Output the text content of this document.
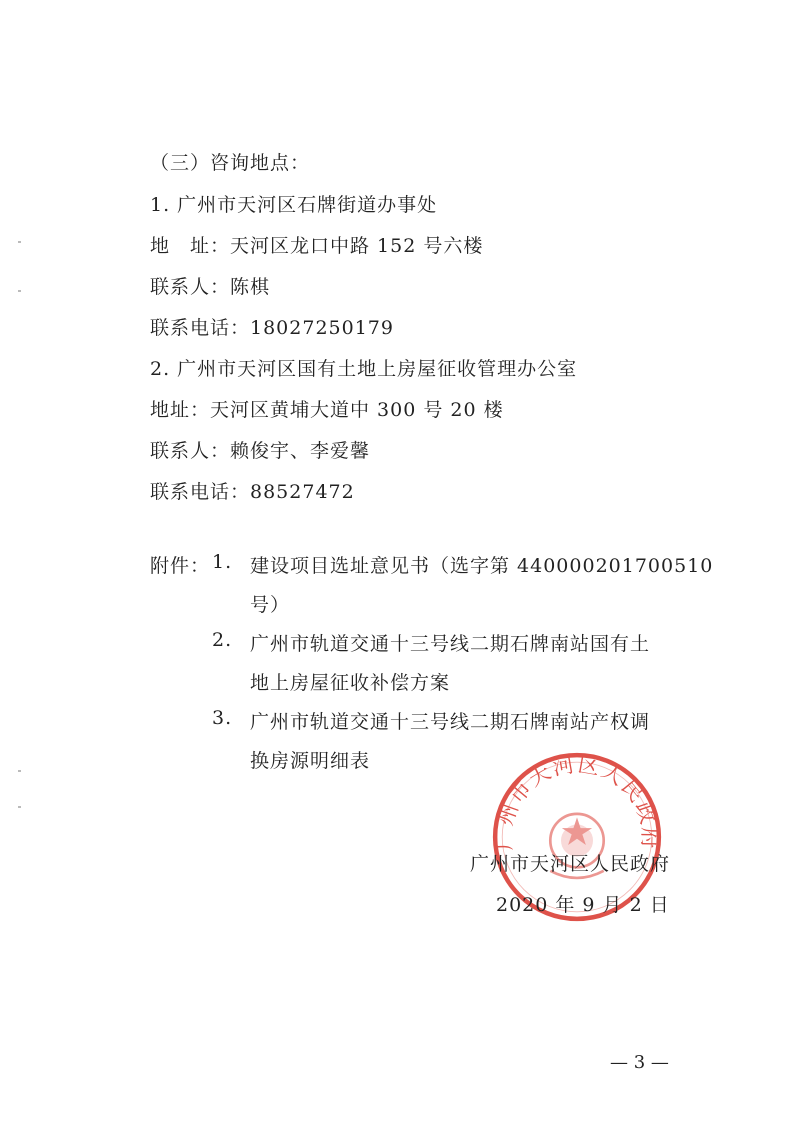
（三）咨询地点：
1. 广州市天河区石牌街道办事处
地　址：天河区龙口中路 152 号六楼
联系人：陈棋
联系电话：18027250179
2. 广州市天河区国有土地上房屋征收管理办公室
地址：天河区黄埔大道中 300 号 20 楼
联系人：赖俊宇、李爱馨
联系电话：88527472
附件： 1. 建设项目选址意见书（选字第 440000201700510
号）
2. 广州市轨道交通十三号线二期石牌南站国有土
地上房屋征收补偿方案
3. 广州市轨道交通十三号线二期石牌南站产权调
换房源明细表
广州市天河区人民政府
广州市天河区人民政府
2020 年 9 月 2 日
— 3 —
